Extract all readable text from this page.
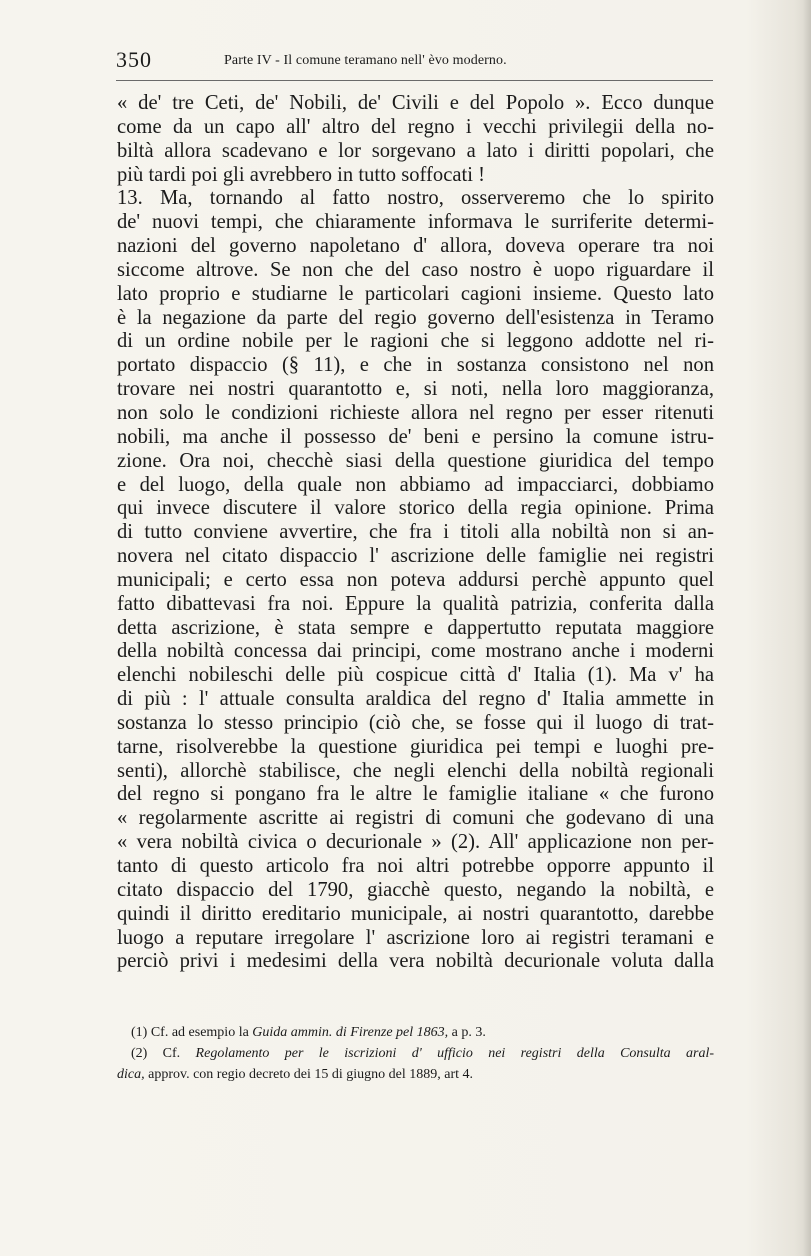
350	Parte IV - Il comune teramano nell' èvo moderno.
« de' tre Ceti, de' Nobili, de' Civili e del Popolo ». Ecco dunque
come da un capo all' altro del regno i vecchi privilegii della no-
biltà allora scadevano e lor sorgevano a lato i diritti popolari, che
più tardi poi gli avrebbero in tutto soffocati !
13. Ma, tornando al fatto nostro, osserveremo che lo spirito
de' nuovi tempi, che chiaramente informava le surriferite determi-
nazioni del governo napoletano d' allora, doveva operare tra noi
siccome altrove. Se non che del caso nostro è uopo riguardare il
lato proprio e studiarne le particolari cagioni insieme. Questo lato
è la negazione da parte del regio governo dell'esistenza in Teramo
di un ordine nobile per le ragioni che si leggono addotte nel ri-
portato dispaccio (§ 11), e che in sostanza consistono nel non
trovare nei nostri quarantotto e, si noti, nella loro maggioranza,
non solo le condizioni richieste allora nel regno per esser ritenuti
nobili, ma anche il possesso de' beni e persino la comune istru-
zione. Ora noi, checchè siasi della questione giuridica del tempo
e del luogo, della quale non abbiamo ad impacciarci, dobbiamo
qui invece discutere il valore storico della regia opinione. Prima
di tutto conviene avvertire, che fra i titoli alla nobiltà non si an-
novera nel citato dispaccio l' ascrizione delle famiglie nei registri
municipali; e certo essa non poteva addursi perchè appunto quel
fatto dibattevasi fra noi. Eppure la qualità patrizia, conferita dalla
detta ascrizione, è stata sempre e dappertutto reputata maggiore
della nobiltà concessa dai principi, come mostrano anche i moderni
elenchi nobileschi delle più cospicue città d' Italia (1). Ma v' ha
di più : l' attuale consulta araldica del regno d' Italia ammette in
sostanza lo stesso principio (ciò che, se fosse qui il luogo di trat-
tarne, risolverebbe la questione giuridica pei tempi e luoghi pre-
senti), allorchè stabilisce, che negli elenchi della nobiltà regionali
del regno si pongano fra le altre le famiglie italiane « che furono
« regolarmente ascritte ai registri di comuni che godevano di una
« vera nobiltà civica o decurionale » (2). All' applicazione non per-
tanto di questo articolo fra noi altri potrebbe opporre appunto il
citato dispaccio del 1790, giacchè questo, negando la nobiltà, e
quindi il diritto ereditario municipale, ai nostri quarantotto, darebbe
luogo a reputare irregolare l' ascrizione loro ai registri teramani e
perciò privi i medesimi della vera nobiltà decurionale voluta dalla
(1) Cf. ad esempio la Guida ammin. di Firenze pel 1863, a p. 3.
(2) Cf. Regolamento per le iscrizioni d' ufficio nei registri della Consulta aral-
dica, approv. con regio decreto dei 15 di giugno del 1889, art 4.
